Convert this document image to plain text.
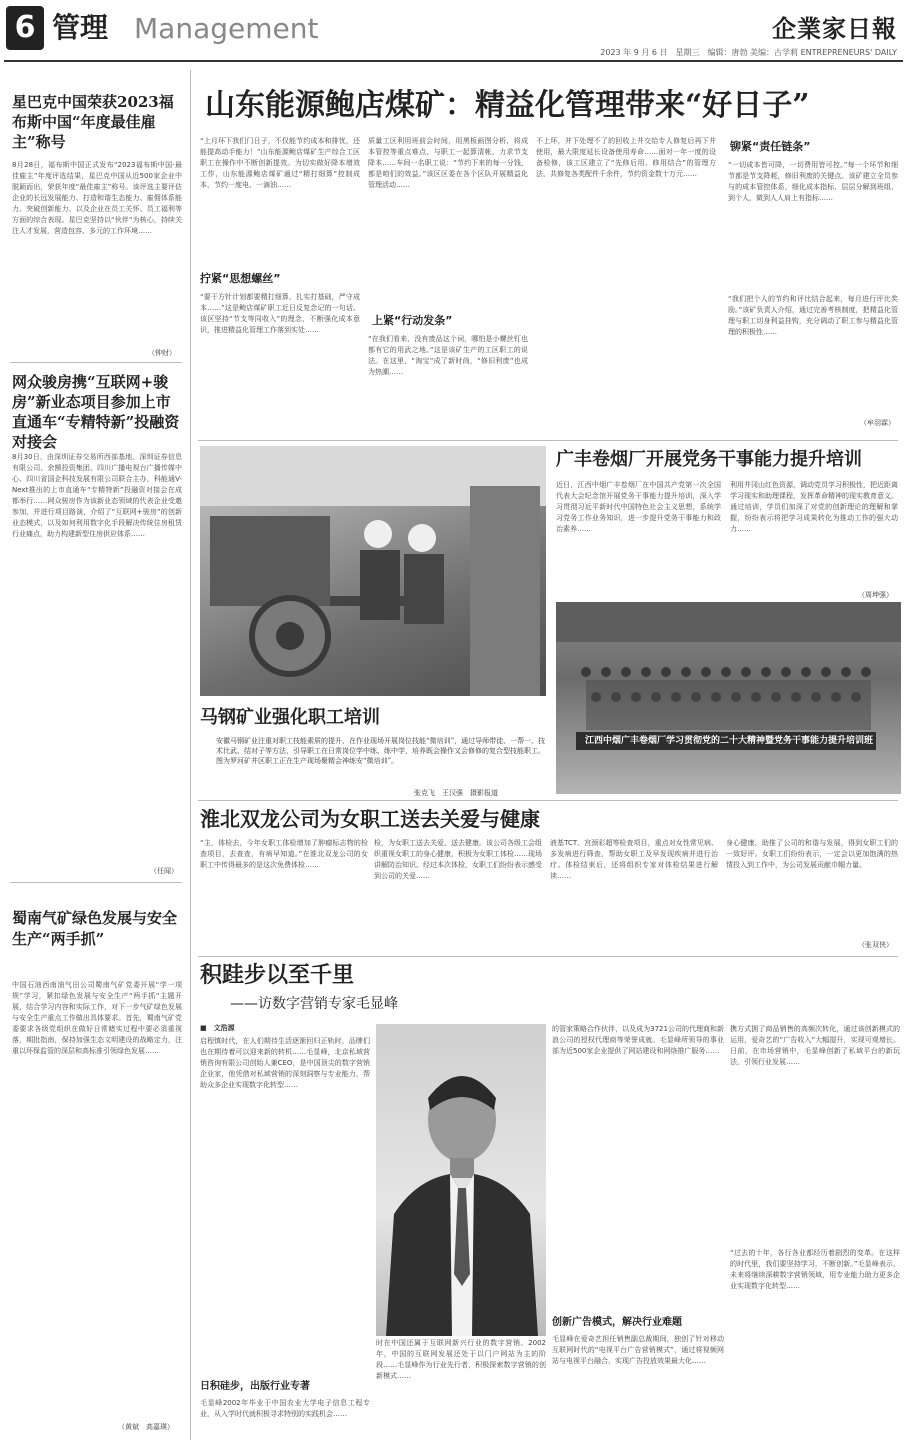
6 管理 Management	企業家日報
2023 年 9 月 6 日　星期三　编辑：唐勃 美编：古学莉 ENTREPRENEURS' DAILY
星巴克中国荣获2023福布斯中国“年度最佳雇主”称号
8月28日，福布斯中国正式发布“2023福布斯中国·最佳雇主”年度评选结果，星巴克中国从近500家企业中脱颖而出，荣获年度“最佳雇主”称号。该评选主要评估企业的长远发展能力、打造和谐生态能力、雇佣体系能力、突破创新能力、以及企业在员工关怀、员工福利等方面的综合表现。星巴克坚持以“伙伴”为核心，持续关注人才发展，营造包容、多元的工作环境……
（钟财）
网众骏房携“互联网+骏房”新业态项目参加上市直通车“专精特新”投融资对接会
8月30日，由深圳证券交易所西部基地、深圳证券信息有限公司、余额投资集团、四川广播电视台广播传媒中心、四川省国企科技发展有限公司联合主办，科能通V-Next推出的上市直通车“专精特新”投融资对接会在成都举行……网众骏房作为该新业态领域的代表企业受邀参加，并进行项目路演，介绍了“互联网+骏房”的创新业态模式，以及如何利用数字化手段解决传统住房租赁行业痛点，助力构建新型住房供应体系……
（任闻）
蜀南气矿绿色发展与安全生产“两手抓”
中国石油西南油气田公司蜀南气矿党委开展“学一项规”学习，紧扣绿色发展与安全生产“两手抓”主题开展，结合学习内容和实际工作，对下一步气矿绿色发展与安全生产重点工作做出具体要求。首先，蜀南气矿党委要求各级党组织在做好日常睹实过程中要必須重视落，期批指南，保持加强生态文明建设的战略定力，注重以环保监管的深层和高标准引领绿色发展……
（黄斌　高嘉瑛）
山东能源鲍店煤矿：精益化管理带来“好日子”
“上月环下我们门日子，不仅能节约成本和排忧，还能提高动手能力！”山东能源鲍店煤矿生产综合工区职工在操作中不断创新提效。为切实做好降本增效工作，山东能源鲍店煤矿通过“精打细算”控制成本，节约一度电、一滴油……
拧紧“思想螺丝”
“要干方针计划都要精打细算，扎实打基础，严守成本……”这是鲍店煤矿职工近日反复念记的一句话。该区坚持“节支等同收入”的理念，不断强化成本意识，推进精益化管理工作落到实处……
质量工区利用班前会时间，用黑板画图分析，将成本管控等重点难点、与职工一起算清帐，力求节支降本……车间一名职工说：“节约下来的每一分钱，都是咱们的效益。”该区区委在各个区队开展精益化管理活动……
上紧“行动发条”
“在我们看来，没有废品这个词，哪怕是小螺丝钉也都有它的用武之地。”这是该矿生产的工区职工的说法。在这里，“淘宝”成了新时尚，“修旧利废”也成为热潮……
不上环，并下处理不了的回收上井交给专人修复后再下井使用，最大限度延长设备使用寿命……面对一年一度的设备检修，该工区建立了“先修后用、修用结合”的管理方法，共修复各类配件千余件，节约资金数十万元……
铆紧“责任链条”
“一切成本皆可降，一切费用皆可控。”每一个环节和细节都是节支降耗，修旧利废的关键点。该矿建立全员参与的成本管控体系，细化成本指标，层层分解到班组、到个人，做到人人肩上有指标……
“我们把个人的节约和评比结合起来，每月进行评比奖励。”该矿负责人介绍，通过完善考核制度，把精益化管理与职工切身利益挂钩，充分调动了职工参与精益化管理的积极性……
（牟羽霖）
马钢矿业强化职工培训
安徽马钢矿业注重对职工技能素质的提升，在作业现场开展岗位技能“微培训”，通过导师带徒、一帮一、技术比武、结对子等方法，引导职工在日常岗位学中练、练中学，培养既会操作又会修修的复合型技能职工。图为罗河矿井区职工正在生产现场聚精会神练安“微培训”。
张克飞　王汉强　摄影报道
广丰卷烟厂开展党务干事能力提升培训
近日，江西中烟广丰卷烟厂在中国共产党第一次全国代表大会纪念馆开展党务干事能力提升培训，深入学习贯彻习近平新时代中国特色社会主义思想，系统学习党务工作业务知识，进一步提升党务干事能力和政治素养……
利用井冈山红色资源，调动党员学习积极性，把近距离学习现实和助理课程，发挥革命精神的现实教育意义。通过培训，学员们加深了对党的创新理论的理解和掌握，纷纷表示将把学习成果转化为推动工作的强大动力……
（周坤强）
江西中烟广丰卷烟厂学习贯彻党的二十大精神暨党务干事能力提升培训班
淮北双龙公司为女职工送去关爱与健康
“主，体检去，今年女职工体检增加了肿瘤标志物的检查项目，去查查，有病早知道。”在淮北双龙公司的女职工中传得最多的是这次免费体检……
检，为女职工送去关爱、送去健康。该公司各级工会组织重视女职工的身心健康，积极为女职工体检……现场讲解防治知识。经过本次体检，女职工们纷纷表示感受到公司的关爱……
液基TCT、宫颈彩超等检查项目，重点对女性常见病、多发病进行筛查，帮助女职工及早发现疾病并进行治疗。体检结束后，还将组织专家对体检结果进行解读……
身心健康，助推了公司的和谐与发展，得到女职工们的一致好评。女职工们纷纷表示，一定会以更加饱满的热情投入到工作中，为公司发展贡献巾帼力量。
（张双侠）
积跬步以至千里
——访数字营销专家毛显峰
■　文浩源
启程慎时代，在人们期待生活逐渐回归正轨时，品牌们也在期待着可以迎来新的转机……毛显峰，北京私域营销咨询有限公司创始人兼CEO，是中国顶尖的数字营销企业家，他凭借对私域营销的深刻洞察与专业能力，帮助众多企业实现数字化转型……
日积硅步，出版行业专著
毛显峰2002年毕业于中国农业大学电子信息工程专业，从入学时代就积极寻求特别的实践机会……
时在中国还属于互联网新兴行业的数字营销。2002年，中国的互联网发展还处于以门户网站为主的阶段……毛显峰作为行业先行者，积极探索数字营销的创新模式……
的管家策略合作伙伴，以及成为3721公司的代理商和新浪公司的授权代理商等荣誉成就。毛显峰所领导的事业部为近500家企业提供了网站建设和网络推广服务……
创新广告模式，解决行业难题
毛显峰在爱奇艺担任销售副总裁期间，独创了针对移动互联网时代的“电视平台广告营销模式”，通过将视频网站与电视平台融合，实现广告投放效果最大化……
携方式拥了商品销售的高频次转化，通过该创新模式的运用，爱奇艺的“广告收入”大幅提升，实现可观增长。日前，在市场营销中，毛显峰创新了私域平台的新玩法，引领行业发展……
“过去的十年，各行各业都经历着剧烈的变革。在这样的时代里，我们要坚持学习，不断创新。”毛显峰表示，未来将继续深耕数字营销领域，用专业能力助力更多企业实现数字化转型……
